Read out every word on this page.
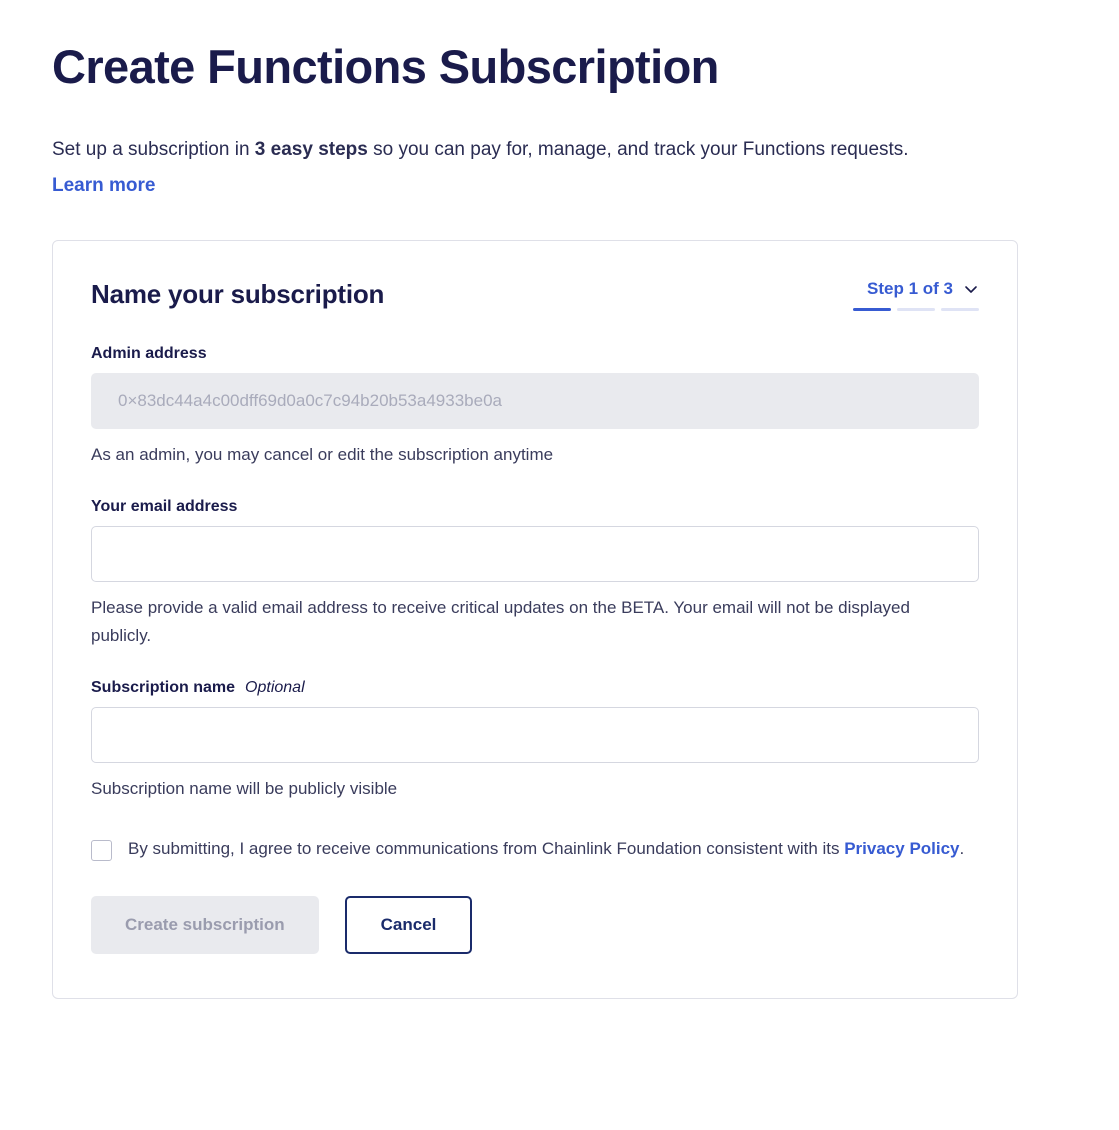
Create Functions Subscription

Set up a subscription in 3 easy steps so you can pay for, manage, and track your Functions requests. Learn more

Name your subscription	Step 1 of 3
Admin address
0×83dc44a4c00dff69d0a0c7c94b20b53a4933be0a
As an admin, you may cancel or edit the subscription anytime
Your email address
Please provide a valid email address to receive critical updates on the BETA. Your email will not be displayed publicly.
Subscription name Optional
Subscription name will be publicly visible
By submitting, I agree to receive communications from Chainlink Foundation consistent with its Privacy Policy.
Create subscription	Cancel
